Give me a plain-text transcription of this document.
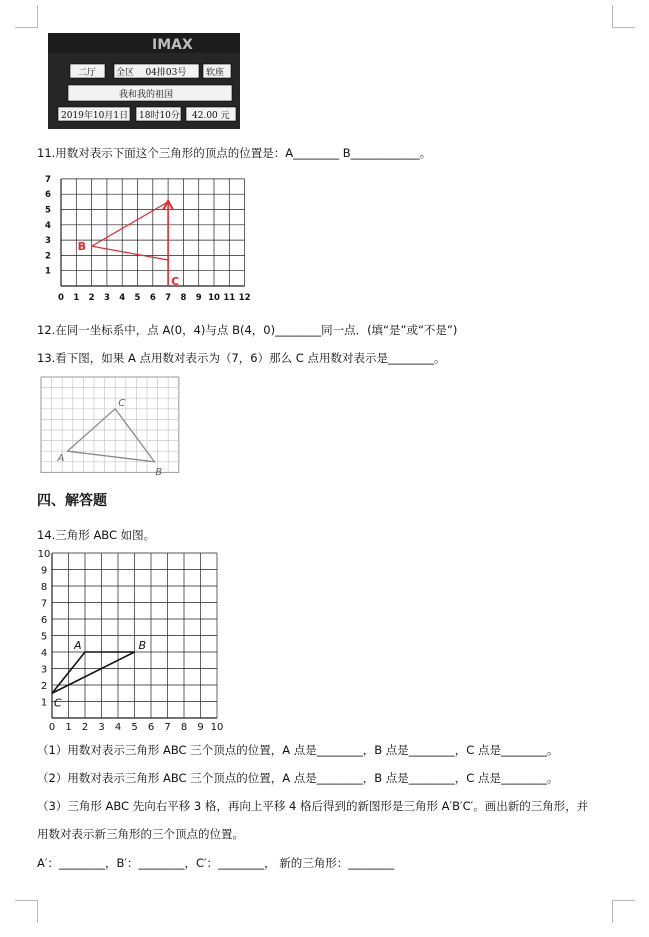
IMAX
二厅 全区    04排03号 软座
我和我的祖国
2019年10月1日 18时10分 42.00 元
11.用数对表示下面这个三角形的顶点的位置是：A________ B____________。
0 1 2 3 4 5 6 7 8 9 10 11 12
1
2
3
4
5
6
7
B
C
12.在同一坐标系中，点 A(0，4)与点 B(4，0)________同一点．(填“是”或“不是”)
13.看下图，如果 A 点用数对表示为（7，6）那么 C 点用数对表示是________。
A
B
C
四、解答题
14.三角形 ABC 如图。
0 1 2 3 4 5 6 7 8 9 10
1
2
3
4
5
6
7
8
9
10
A	B
C
（1）用数对表示三角形 ABC 三个顶点的位置，A 点是________，B 点是________，C 点是________。
（2）用数对表示三角形 ABC 三个顶点的位置，A 点是________，B 点是________，C 点是________。
（3）三角形 ABC 先向右平移 3 格，再向上平移 4 格后得到的新图形是三角形 A′B′C′。画出新的三角形，并
用数对表示新三角形的三个顶点的位置。
A′：________，B′：________，C′：________， 新的三角形：________
